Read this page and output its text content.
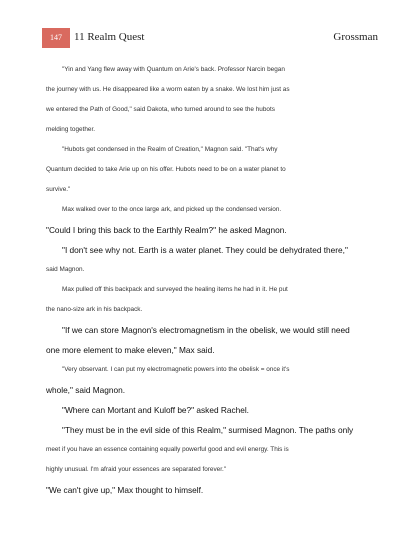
147	11 Realm Quest	Grossman
"Yin and Yang flew away with Quantum on Arie's back. Professor Narcin began
the journey with us. He disappeared like a worm eaten by a snake. We lost him just as
we entered the Path of Good," said Dakota, who turned around to see the hubots
melding together.
"Hubots get condensed in the Realm of Creation," Magnon said. "That's why
Quantum decided to take Arie up on his offer. Hubots need to be on a water planet to
survive."
Max walked over to the once large ark, and picked up the condensed version.
"Could I bring this back to the Earthly Realm?" he asked Magnon.
"I don't see why not. Earth is a water planet. They could be dehydrated there,"
said Magnon.
Max pulled off this backpack and surveyed the healing items he had in it. He put
the nano-size ark in his backpack.
"If we can store Magnon's electromagnetism in the obelisk, we would still need
one more element to make eleven," Max said.
"Very observant. I can put my electromagnetic powers into the obelisk = once it's
whole," said Magnon.
"Where can Mortant and Kuloff be?" asked Rachel.
"They must be in the evil side of this Realm," surmised Magnon. The paths only
meet if you have an essence containing equally powerful good and evil energy. This is
highly unusual. I'm afraid your essences are separated forever."
"We can't give up," Max thought to himself.
